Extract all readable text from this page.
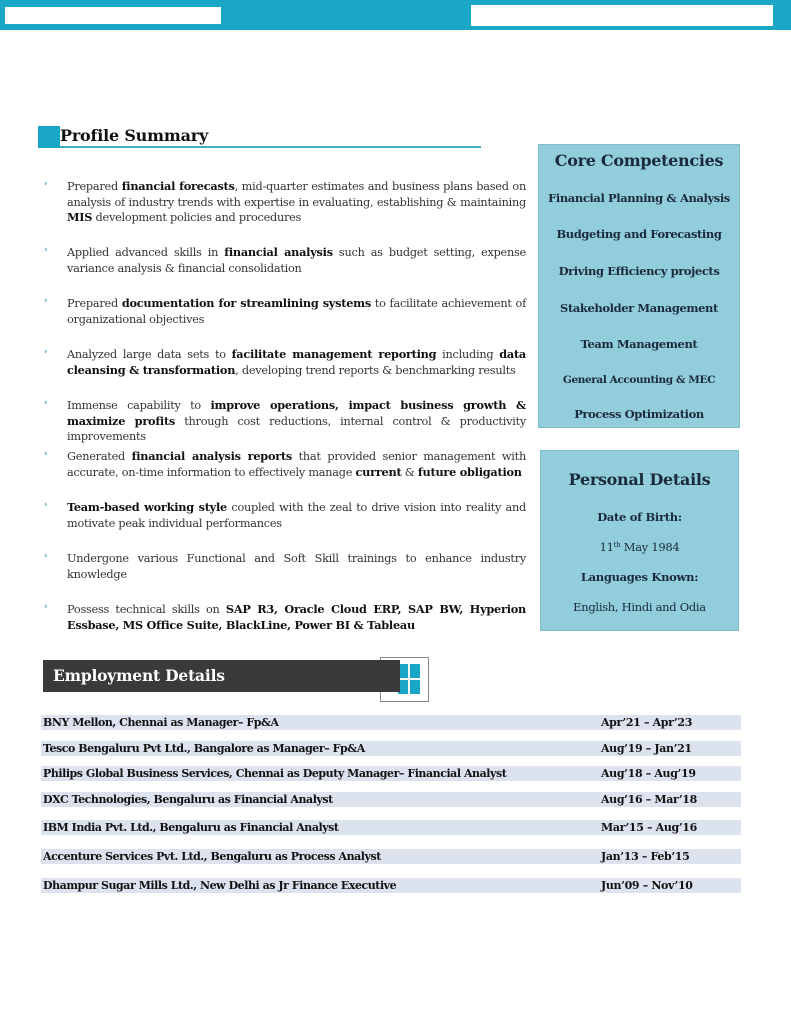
Profile Summary
› Prepared financial forecasts, mid-quarter estimates and business plans based on analysis of industry trends with expertise in evaluating, establishing & maintaining MIS development policies and procedures
› Applied advanced skills in financial analysis such as budget setting, expense variance analysis & financial consolidation
› Prepared documentation for streamlining systems to facilitate achievement of organizational objectives
› Analyzed large data sets to facilitate management reporting including data cleansing & transformation, developing trend reports & benchmarking results
› Immense capability to improve operations, impact business growth & maximize profits through cost reductions, internal control & productivity improvements
› Generated financial analysis reports that provided senior management with accurate, on-time information to effectively manage current & future obligation
› Team-based working style coupled with the zeal to drive vision into reality and motivate peak individual performances
› Undergone various Functional and Soft Skill trainings to enhance industry knowledge
› Possess technical skills on SAP R3, Oracle Cloud ERP, SAP BW, Hyperion Essbase, MS Office Suite, BlackLine, Power BI & Tableau
Core Competencies
Financial Planning & Analysis
Budgeting and Forecasting
Driving Efficiency projects
Stakeholder Management
Team Management
General Accounting & MEC
Process Optimization
Personal Details
Date of Birth:
11th May 1984
Languages Known:
English, Hindi and Odia
Employment Details
BNY Mellon, Chennai as Manager– Fp&A	Apr’21 – Apr’23
Tesco Bengaluru Pvt Ltd., Bangalore as Manager– Fp&A	Aug’19 – Jan’21
Philips Global Business Services, Chennai as Deputy Manager– Financial Analyst	Aug’18 – Aug’19
DXC Technologies, Bengaluru as Financial Analyst	Aug’16 – Mar’18
IBM India Pvt. Ltd., Bengaluru as Financial Analyst	Mar’15 – Aug’16
Accenture Services Pvt. Ltd., Bengaluru as Process Analyst	Jan’13 – Feb’15
Dhampur Sugar Mills Ltd., New Delhi as Jr Finance Executive	Jun’09 – Nov’10
